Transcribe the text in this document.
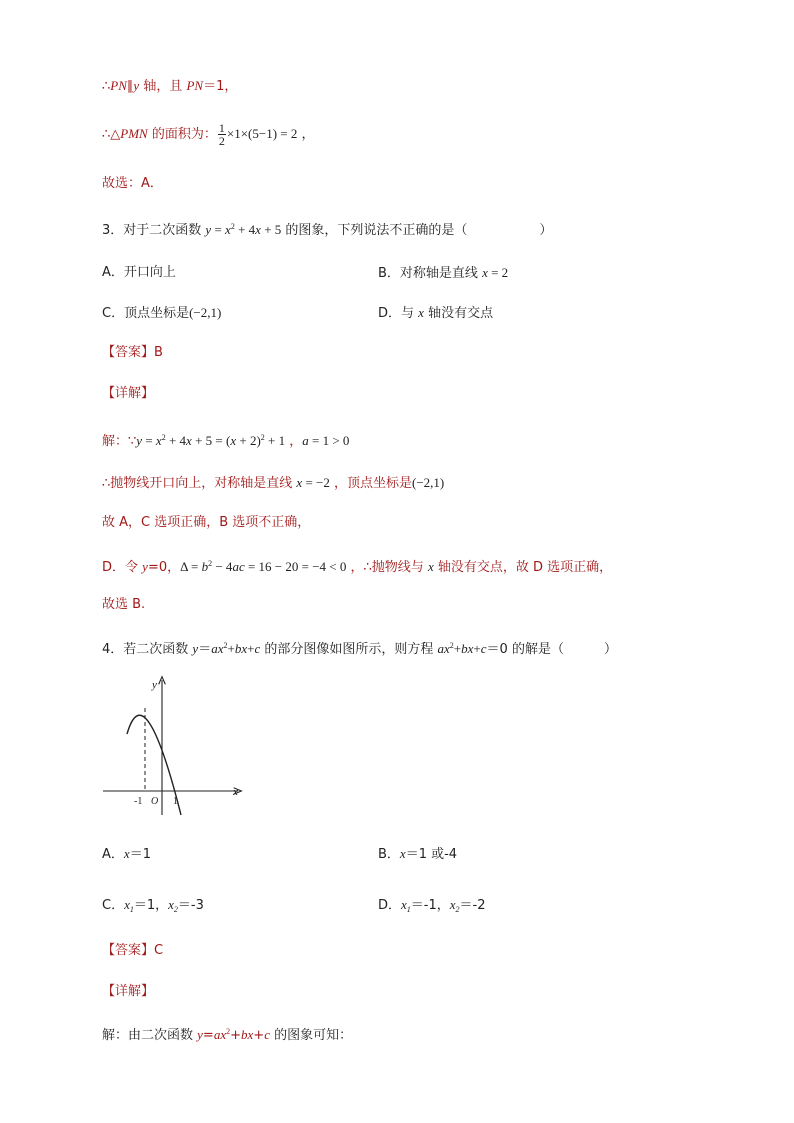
∴PN∥y 轴，且 PN＝1，
∴△PMN 的面积为： $\frac{1}{2} \times 1\times(5-1) = 2$ ，
故选：A．
3．对于二次函数 $y = x^2 + 4x + 5$ 的图象，下列说法不正确的是（	）
A．开口向上	B．对称轴是直线 x = 2
C．顶点坐标是(−2,1)	D．与 x 轴没有交点
【答案】B
【详解】
解：∵y = $x^2 + 4x + 5 = (x + 2)^2 + 1$ ，a = 1 > 0
∴抛物线开口向上，对称轴是直线 x = −2 ，顶点坐标是(−2,1)
故 A，C 选项正确，B 选项不正确，
D．令 y=0，$\Delta = b^2 - 4ac = 16 - 20 = -4 < 0$ ，∴抛物线与 x 轴没有交点，故 D 选项正确，
故选 B.
4．若二次函数 $y=ax^2+bx+c$ 的部分图像如图所示，则方程 $ax^2+bx+c=0$ 的解是（	）
y
x
O
-1	1
A．x＝1	B．x＝1 或-4
C．$x_1=1$，$x_2=-3$	D．$x_1=-1$，$x_2=-2$
【答案】C
【详解】
解：由二次函数 $y=ax^2+bx+c$ 的图象可知：
